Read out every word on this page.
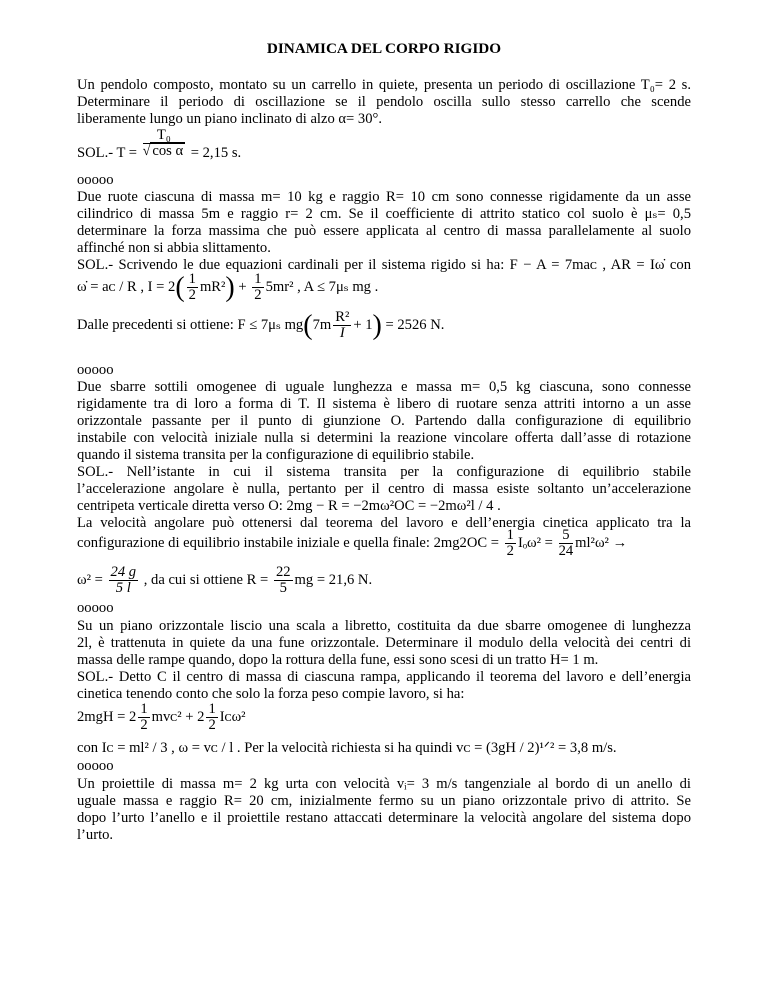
DINAMICA DEL CORPO RIGIDO
Un pendolo composto, montato su un carrello in quiete, presenta un periodo di oscillazione T₀= 2 s.
Determinare il periodo di oscillazione se il pendolo oscilla sullo stesso carrello che scende
liberamente lungo un piano inclinato di alzo α= 30°.
SOL.- $T = \frac{\text{T₀}}{\text{√ cos α}} = 2,15$ s.
ooooo
Due ruote ciascuna di massa m= 10 kg e raggio R= 10 cm sono connesse rigidamente da un asse
cilindrico di massa 5m e raggio r= 2 cm. Se il coefficiente di attrito statico col suolo è μₛ= 0,5
determinare la forza massima che può essere applicata al centro di massa parallelamente al suolo
affinché non si abbia slittamento.
SOL.- Scrivendo le due equazioni cardinali per il sistema rigido si ha: F − A = 7maᴄ , AR = Iω̇ con
ω̇ = aᴄ / R , $I = 2( \frac{1}{2} mR^2) + \frac{1}{2} 5mr^2$ , A ≤ 7μₛ mg .
Dalle precedenti si ottiene: F ≤ 7μₛ $mg(7m \frac{\text{R²}}{I} + 1) = 2526$ N.
ooooo
Due sbarre sottili omogenee di uguale lunghezza e massa m= 0,5 kg ciascuna, sono connesse
rigidamente tra di loro a forma di T. Il sistema è libero di ruotare senza attriti intorno a un asse
orizzontale passante per il punto di giunzione O. Partendo dalla configurazione di equilibrio
instabile con velocità iniziale nulla si determini la reazione vincolare offerta dall’asse di rotazione
quando il sistema transita per la configurazione di equilibrio stabile.
SOL.- Nell’istante in cui il sistema transita per la configurazione di equilibrio stabile
l’accelerazione angolare è nulla, pertanto per il centro di massa esiste soltanto un’accelerazione
centripeta verticale diretta verso O: 2mg − R = −2mω²OC = −2mω²l / 4 .
La velocità angolare può ottenersi dal teorema del lavoro e dell’energia cinetica applicato tra la
configurazione di equilibrio instabile iniziale e quella finale: $2mg2OC = \frac{1}{2} I_o\omega^2 = \frac{5}{24} ml^2\omega^2$ →
$\omega^2 = \frac{24 g}{5 l}$ , da cui si ottiene $R = \frac{22}{5}$ mg = 21,6 N.
ooooo
Su un piano orizzontale liscio una scala a libretto, costituita da due sbarre omogenee di lunghezza
2l, è trattenuta in quiete da una fune orizzontale. Determinare il modulo della velocità dei centri di
massa delle rampe quando, dopo la rottura della fune, essi sono scesi di un tratto H= 1 m.
SOL.- Detto C il centro di massa di ciascuna rampa, applicando il teorema del lavoro e dell’energia
cinetica tenendo conto che solo la forza peso compie lavoro, si ha:
$2mgH = 2 \frac{1}{2}$ mvᴄ² + $2 \frac{1}{2}$ Iᴄω²
con Iᴄ = ml² / 3 , ω = vᴄ / l . Per la velocità richiesta si ha quindi vᴄ = (3gH / 2)¹ᐟ² = 3,8 m/s.
ooooo
Un proiettile di massa m= 2 kg urta con velocità vᵢ= 3 m/s tangenziale al bordo di un anello di
uguale massa e raggio R= 20 cm, inizialmente fermo su un piano orizzontale privo di attrito. Se
dopo l’urto l’anello e il proiettile restano attaccati determinare la velocità angolare del sistema dopo
l’urto.
